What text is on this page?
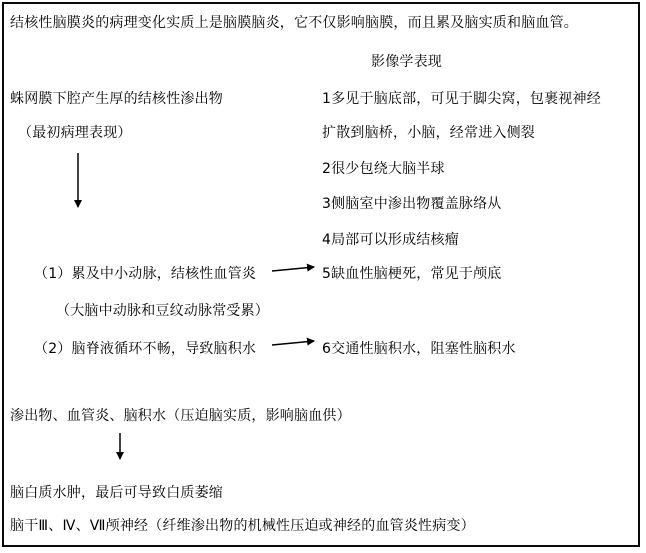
结核性脑膜炎的病理变化实质上是脑膜脑炎，它不仅影响脑膜，而且累及脑实质和脑血管。
影像学表现
蛛网膜下腔产生厚的结核性渗出物
（最初病理表现）
1多见于脑底部，可见于脚尖窝，包裹视神经
扩散到脑桥，小脑，经常进入侧裂
2很少包绕大脑半球
3侧脑室中渗出物覆盖脉络从
4局部可以形成结核瘤
5缺血性脑梗死，常见于颅底
6交通性脑积水，阻塞性脑积水
（1）累及中小动脉，结核性血管炎
（大脑中动脉和豆纹动脉常受累）
（2）脑脊液循环不畅，导致脑积水
渗出物、血管炎、脑积水（压迫脑实质，影响脑血供）
脑白质水肿，最后可导致白质萎缩
脑干Ⅲ、Ⅳ、Ⅶ颅神经（纤维渗出物的机械性压迫或神经的血管炎性病变）
